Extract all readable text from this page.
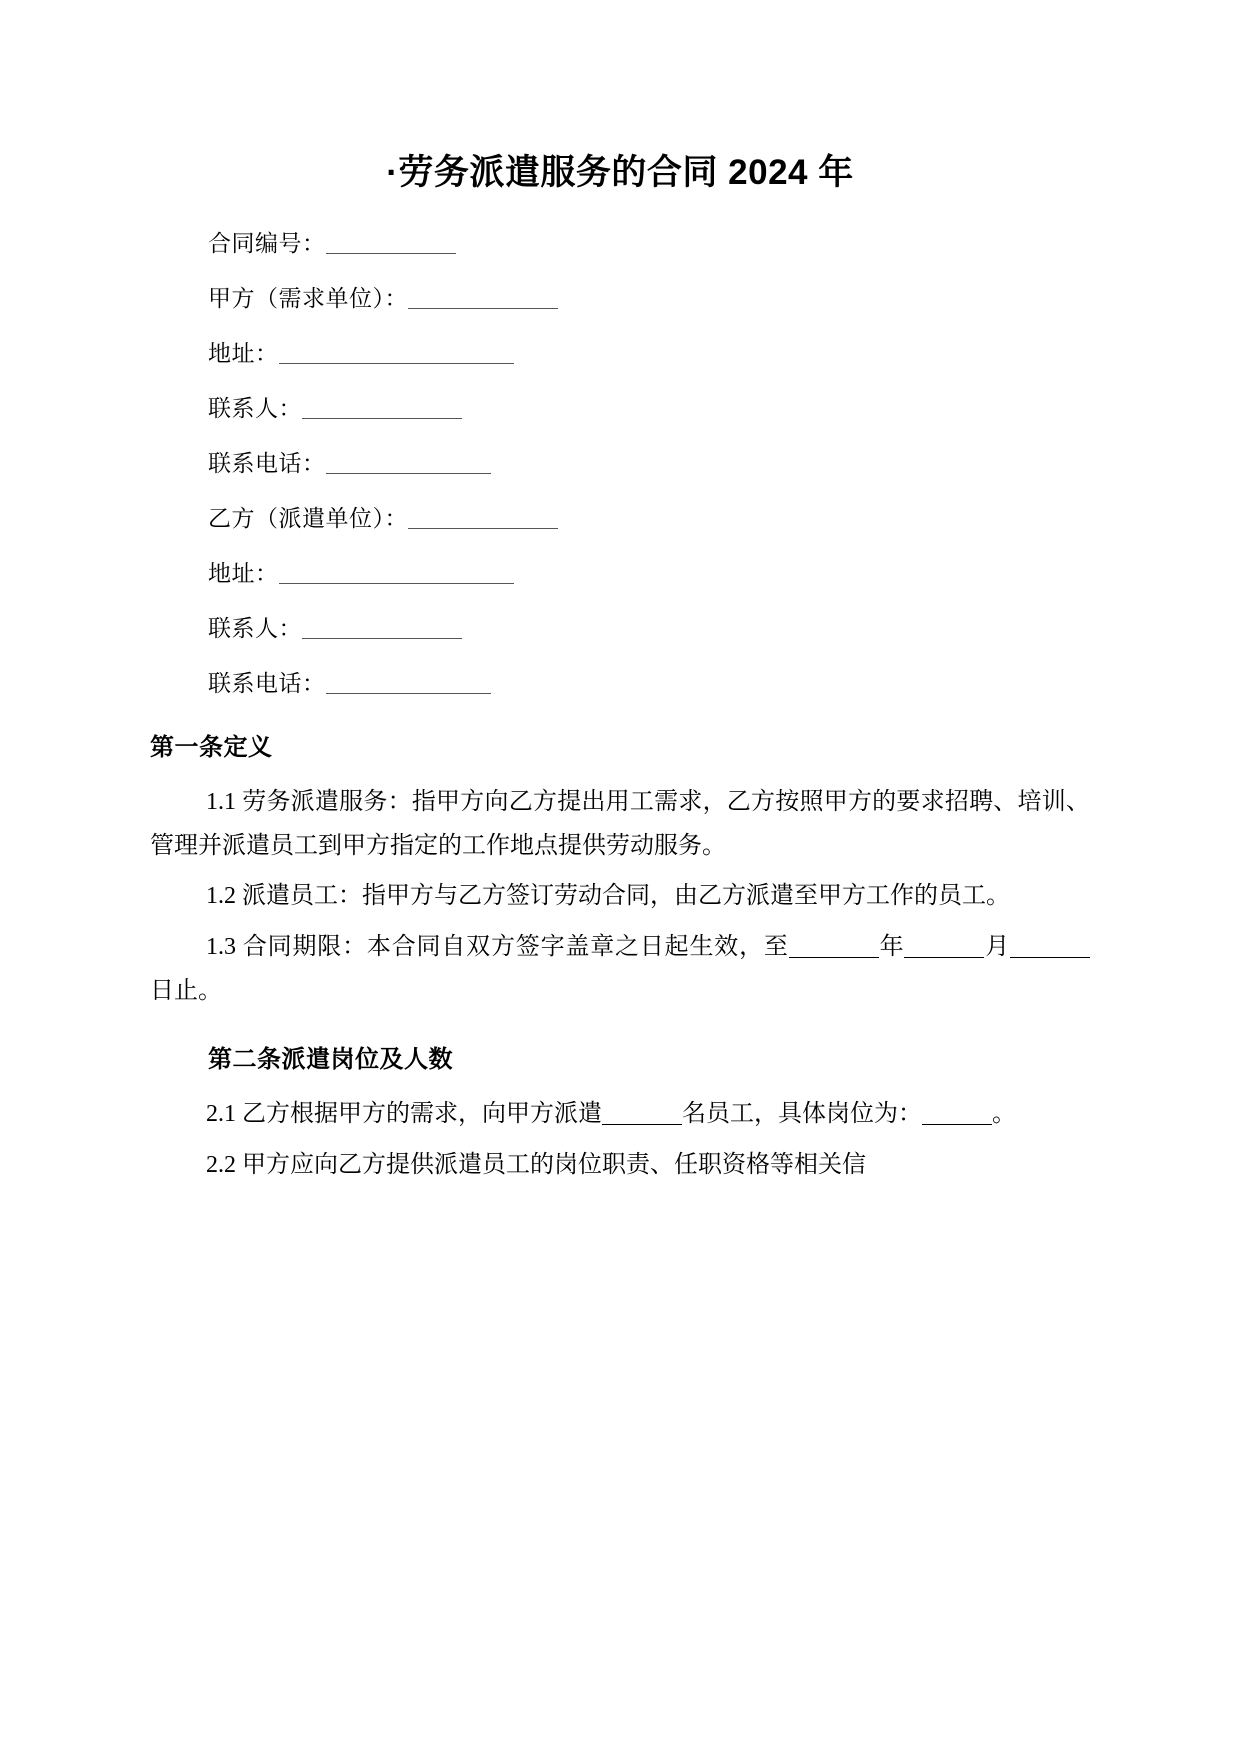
·劳务派遣服务的合同 2024 年
合同编号：
甲方（需求单位）：
地址：
联系人：
联系电话：
乙方（派遣单位）：
地址：
联系人：
联系电话：
第一条定义

1.1 劳务派遣服务：指甲方向乙方提出用工需求，乙方按照甲方的要求招聘、培训、管理并派遣员工到甲方指定的工作地点提供劳动服务。

1.2 派遣员工：指甲方与乙方签订劳动合同，由乙方派遣至甲方工作的员工。

1.3 合同期限：本合同自双方签字盖章之日起生效，至	年	月日止。

第二条派遣岗位及人数

2.1 乙方根据甲方的需求，向甲方派遣	名员工，具体岗位为：	。

2.2 甲方应向乙方提供派遣员工的岗位职责、任职资格等相关信
